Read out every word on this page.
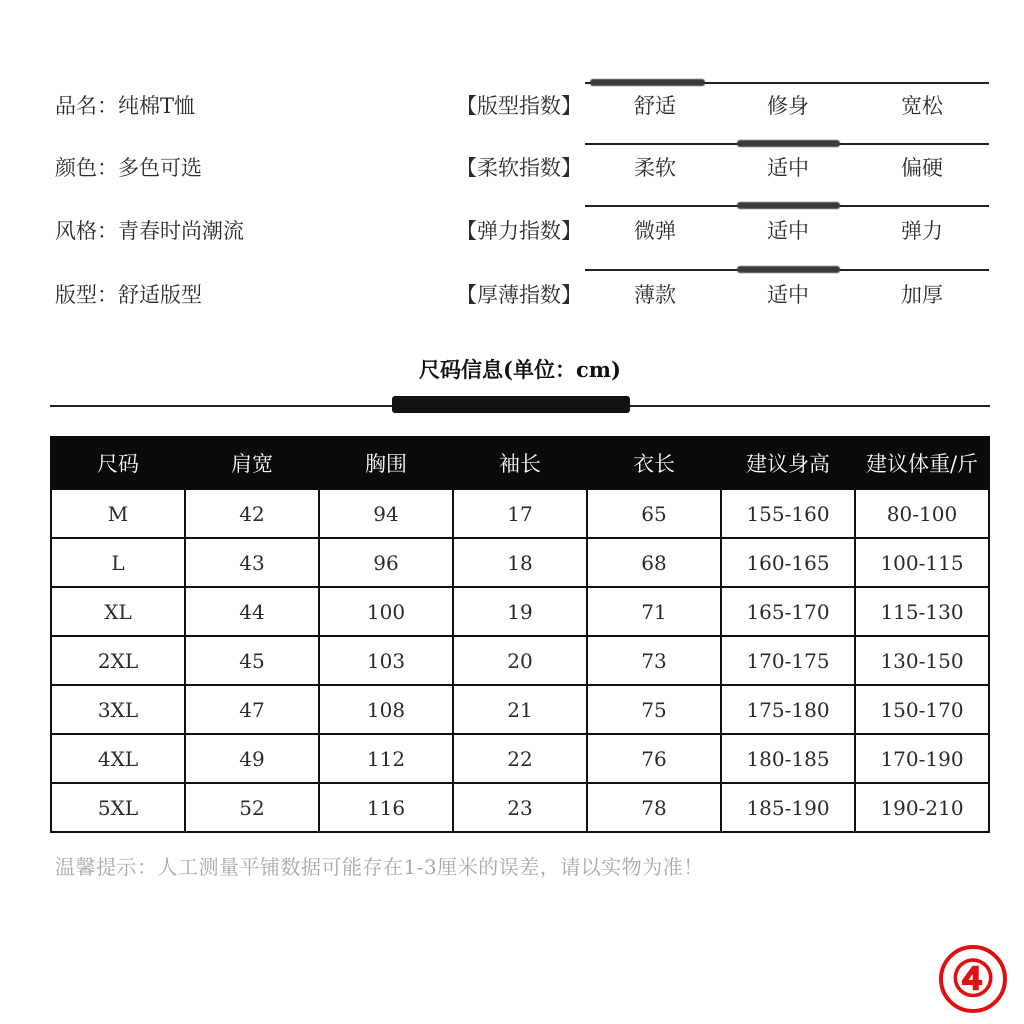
品名：纯棉T恤
颜色：多色可选
风格：青春时尚潮流
版型：舒适版型
【版型指数】	舒适	修身	宽松
【柔软指数】	柔软	适中	偏硬
【弹力指数】	微弹	适中	弹力
【厚薄指数】	薄款	适中	加厚
尺码信息(单位：cm)
尺码	肩宽	胸围	袖长	衣长	建议身高	建议体重/斤
M	42	94	17	65	155-160	80-100
L	43	96	18	68	160-165	100-115
XL	44	100	19	71	165-170	115-130
2XL	45	103	20	73	170-175	130-150
3XL	47	108	21	75	175-180	150-170
4XL	49	112	22	76	180-185	170-190
5XL	52	116	23	78	185-190	190-210
温馨提示：人工测量平铺数据可能存在1-3厘米的误差，请以实物为准！
④
